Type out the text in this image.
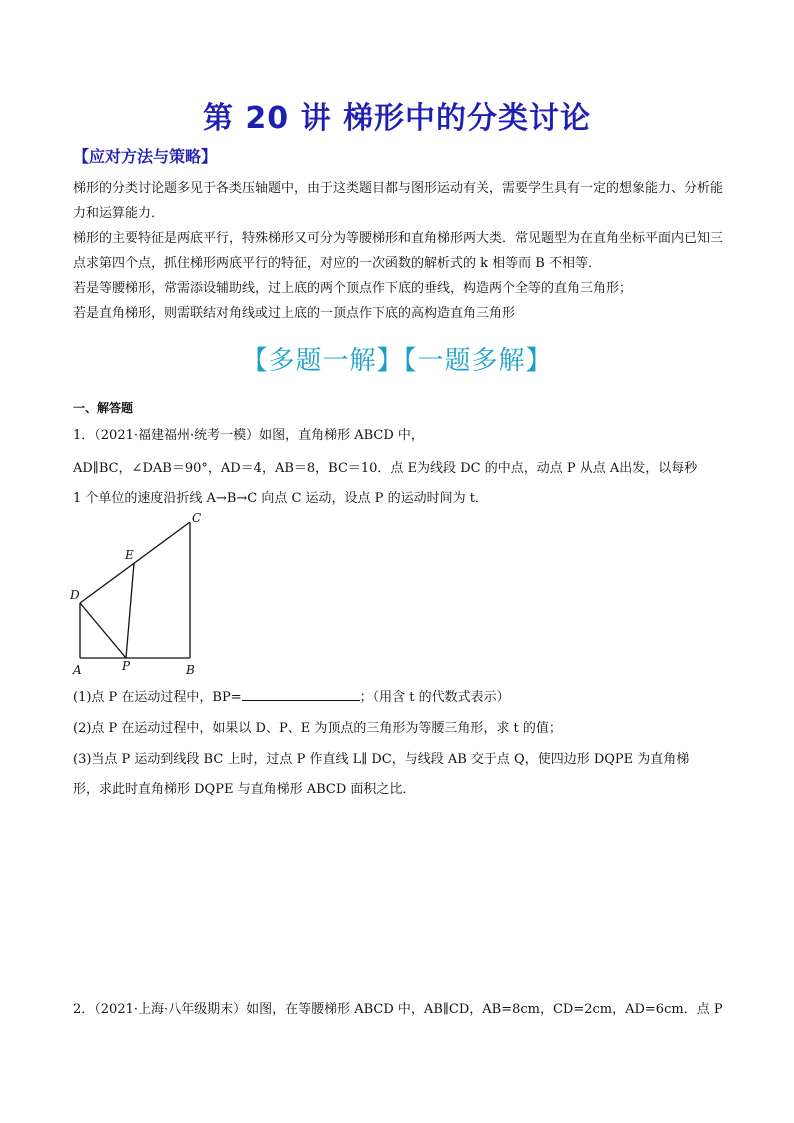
第 20 讲 梯形中的分类讨论
【应对方法与策略】

梯形的分类讨论题多见于各类压轴题中，由于这类题目都与图形运动有关，需要学生具有一定的想象能力、分析能力和运算能力．

梯形的主要特征是两底平行，特殊梯形又可分为等腰梯形和直角梯形两大类．常见题型为在直角坐标平面内已知三点求第四个点，抓住梯形两底平行的特征，对应的一次函数的解析式的 k 相等而 B 不相等．

若是等腰梯形，常需添设辅助线，过上底的两个顶点作下底的垂线，构造两个全等的直角三角形；

若是直角梯形，则需联结对角线或过上底的一顶点作下底的高构造直角三角形

【多题一解】【一题多解】
一、解答题

1．（2021·福建福州·统考一模）如图，直角梯形 ABCD 中，

AD∥BC，∠DAB＝90°，AD＝4，AB＝8，BC＝10．点 E为线段 DC 的中点，动点 P 从点 A出发，以每秒

1 个单位的速度沿折线 A→B→C 向点 C 运动，设点 P 的运动时间为 t．

A	B
C
D
E
P

(1)点 P 在运动过程中，BP=	；（用含 t 的代数式表示）

(2)点 P 在运动过程中，如果以 D、P、E 为顶点的三角形为等腰三角形，求 t 的值；

(3)当点 P 运动到线段 BC 上时，过点 P 作直线 L∥ DC，与线段 AB 交于点 Q，使四边形 DQPE 为直角梯

形，求此时直角梯形 DQPE 与直角梯形 ABCD 面积之比．

2．（2021·上海·八年级期末）如图，在等腰梯形 ABCD 中，AB∥CD，AB=8cm，CD=2cm，AD=6cm．点 P
